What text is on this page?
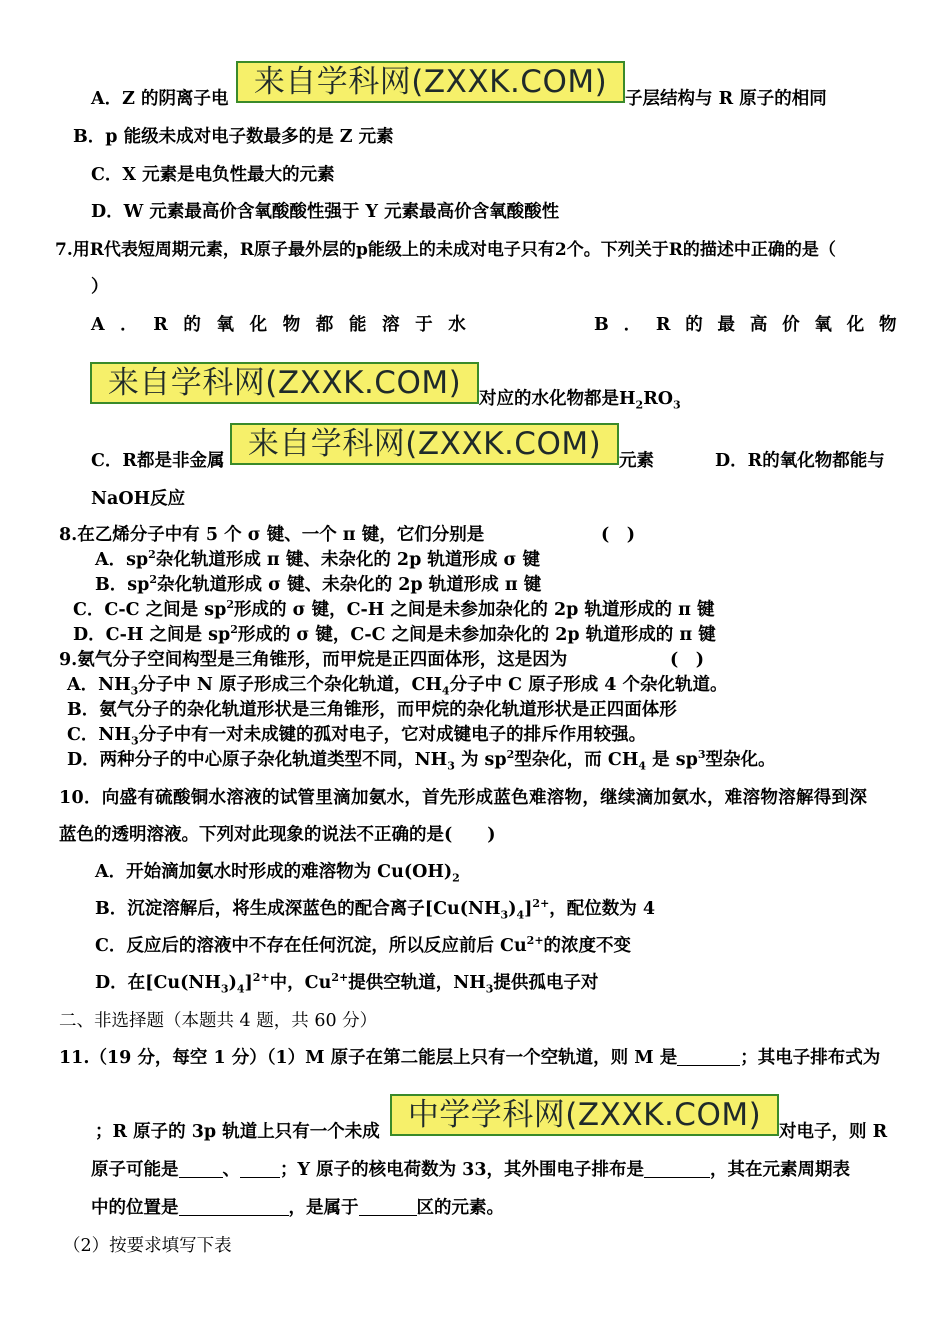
A．Z 的阴离子电 来自学科网(ZXXK.COM)	子层结构与 R 原子的相同
B．p 能级未成对电子数最多的是 Z 元素
C．X 元素是电负性最大的元素
D．W 元素最高价含氧酸酸性强于 Y 元素最高价含氧酸酸性
7.用R代表短周期元素，R原子最外层的p能级上的未成对电子只有2个。下列关于R的描述中正确的是（
）
A．R的氧化物都能溶于水	B．R的最高价氧化物
来自学科网(ZXXK.COM)	对应的水化物都是$H_2RO_3$
C．R都是非金属 来自学科网(ZXXK.COM)	元素	D．R的氧化物都能与
NaOH反应
8.在乙烯分子中有 5 个 σ 键、一个 π 键，它们分别是	(　)
A．$sp^2$杂化轨道形成 π 键、未杂化的 2p 轨道形成 σ 键
B．$sp^2$杂化轨道形成 σ 键、未杂化的 2p 轨道形成 π 键
C．C-C 之间是 $sp^2$形成的 σ 键，C-H 之间是未参加杂化的 2p 轨道形成的 π 键
D．C-H 之间是 $sp^2$形成的 σ 键，C-C 之间是未参加杂化的 2p 轨道形成的 π 键
9.氨气分子空间构型是三角锥形，而甲烷是正四面体形，这是因为	(　)
A．$NH_3$分子中 N 原子形成三个杂化轨道，$CH_4$分子中 C 原子形成 4 个杂化轨道。
B．氨气分子的杂化轨道形状是三角锥形，而甲烷的杂化轨道形状是正四面体形
C．$NH_3$分子中有一对未成键的孤对电子，它对成键电子的排斥作用较强。
D．两种分子的中心原子杂化轨道类型不同，$NH_3$ 为 $sp^2$型杂化，而 $CH_4$ 是 $sp^3$型杂化。
10．向盛有硫酸铜水溶液的试管里滴加氨水，首先形成蓝色难溶物，继续滴加氨水，难溶物溶解得到深
蓝色的透明溶液。下列对此现象的说法不正确的是(　　)
A．开始滴加氨水时形成的难溶物为 $Cu(OH)_2$
B．沉淀溶解后，将生成深蓝色的配合离子$[Cu(NH_3)_4]^{2+}$，配位数为 4
C．反应后的溶液中不存在任何沉淀，所以反应前后 $Cu^{2+}$的浓度不变
D．在$[Cu(NH_3)_4]^{2+}$中，$Cu^{2+}$提供空轨道，$NH_3$提供孤电子对
二、非选择题（本题共 4 题，共 60 分）
11.（19 分，每空 1 分）（1）M 原子在第二能层上只有一个空轨道，则 M 是	；其电子排布式为
；R 原子的 3p 轨道上只有一个未成 中学学科网(ZXXK.COM)	对电子，则 R
原子可能是	、 ；Y 原子的核电荷数为 33，其外围电子排布是	，其在元素周期表
中的位置是	，是属于	区的元素。
（2）按要求填写下表
